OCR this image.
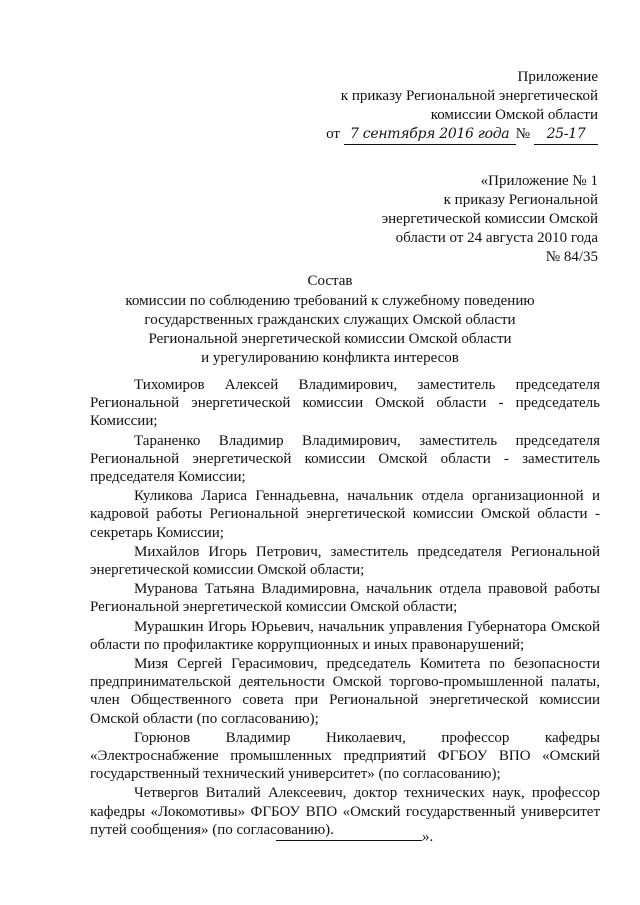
Приложение
к приказу Региональной энергетической
комиссии Омской области
от
7 сентября 2016 года №	25-17
«Приложение № 1
к приказу Региональной
энергетической комиссии Омской
области от 24 августа 2010 года
№ 84/35
Состав
комиссии по соблюдению требований к служебному поведению
государственных гражданских служащих Омской области
Региональной энергетической комиссии Омской области
и урегулированию конфликта интересов

Тихомиров Алексей Владимирович, заместитель председателя Региональной энергетической комиссии Омской области - председатель Комиссии;

Тараненко Владимир Владимирович, заместитель председателя Региональной энергетической комиссии Омской области - заместитель председателя Комиссии;

Куликова Лариса Геннадьевна, начальник отдела организационной и кадровой работы Региональной энергетической комиссии Омской области - секретарь Комиссии;

Михайлов Игорь Петрович, заместитель председателя Региональной энергетической комиссии Омской области;

Муранова Татьяна Владимировна, начальник отдела правовой работы Региональной энергетической комиссии Омской области;

Мурашкин Игорь Юрьевич, начальник управления Губернатора Омской области по профилактике коррупционных и иных правонарушений;

Мизя Сергей Герасимович, председатель Комитета по безопасности предпринимательской деятельности Омской торгово-промышленной палаты, член Общественного совета при Региональной энергетической комиссии Омской области (по согласованию);

Горюнов Владимир Николаевич, профессор кафедры «Электроснабжение промышленных предприятий ФГБОУ ВПО «Омский государственный технический университет» (по согласованию);

Четвергов Виталий Алексеевич, доктор технических наук, профессор кафедры «Локомотивы» ФГБОУ ВПО «Омский государственный университет путей сообщения» (по согласованию).	».
